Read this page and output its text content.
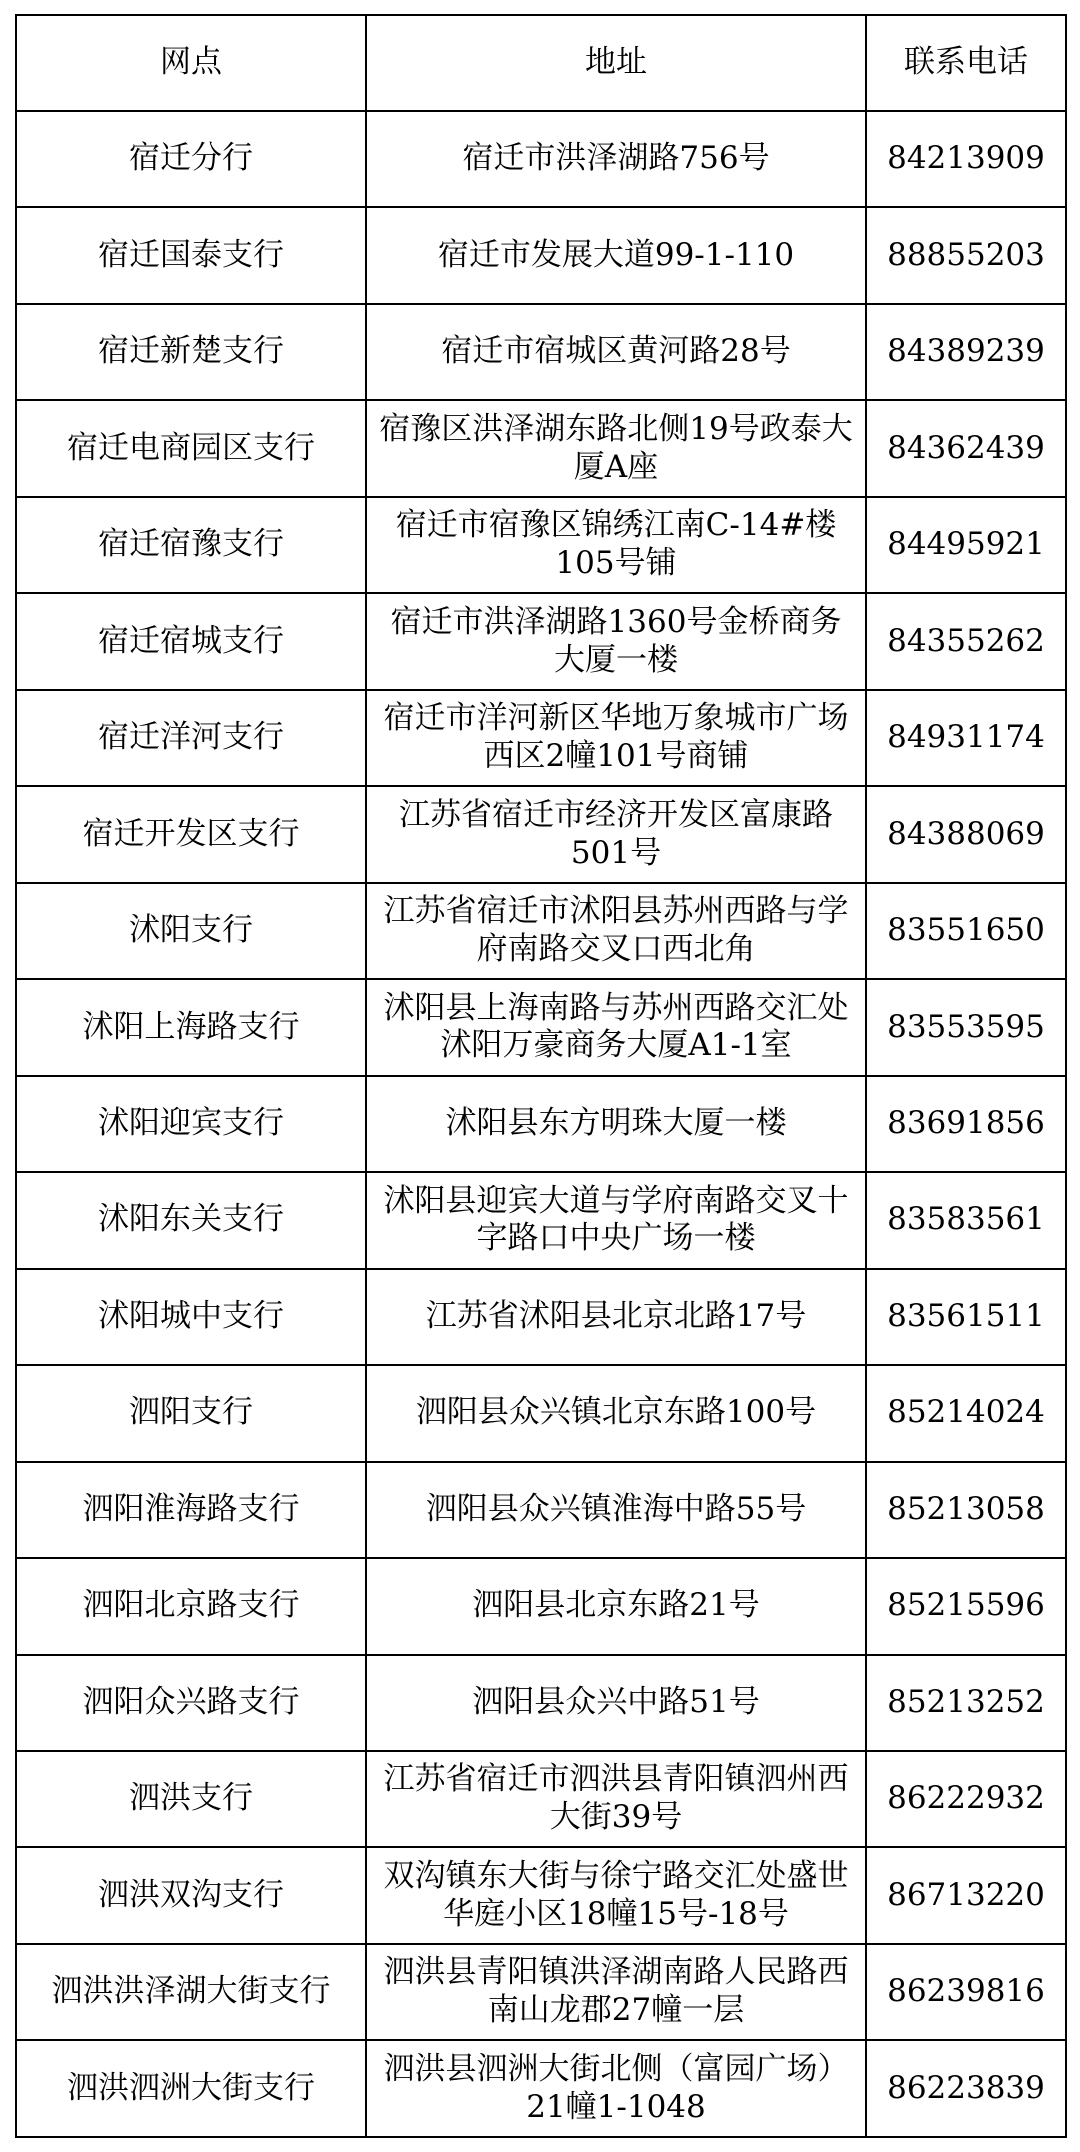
网点	地址	联系电话
宿迁分行	宿迁市洪泽湖路756号	84213909
宿迁国泰支行	宿迁市发展大道99-1-110	88855203
宿迁新楚支行	宿迁市宿城区黄河路28号	84389239
宿迁电商园区支行	宿豫区洪泽湖东路北侧19号政泰大厦A座	84362439
宿迁宿豫支行	宿迁市宿豫区锦绣江南C-14#楼105号铺	84495921
宿迁宿城支行	宿迁市洪泽湖路1360号金桥商务大厦一楼	84355262
宿迁洋河支行	宿迁市洋河新区华地万象城市广场西区2幢101号商铺	84931174
宿迁开发区支行	江苏省宿迁市经济开发区富康路501号	84388069
沭阳支行	江苏省宿迁市沭阳县苏州西路与学府南路交叉口西北角	83551650
沭阳上海路支行	沭阳县上海南路与苏州西路交汇处沭阳万豪商务大厦A1-1室	83553595
沭阳迎宾支行	沭阳县东方明珠大厦一楼	83691856
沭阳东关支行	沭阳县迎宾大道与学府南路交叉十字路口中央广场一楼	83583561
沭阳城中支行	江苏省沭阳县北京北路17号	83561511
泗阳支行	泗阳县众兴镇北京东路100号	85214024
泗阳淮海路支行	泗阳县众兴镇淮海中路55号	85213058
泗阳北京路支行	泗阳县北京东路21号	85215596
泗阳众兴路支行	泗阳县众兴中路51号	85213252
泗洪支行	江苏省宿迁市泗洪县青阳镇泗州西大街39号	86222932
泗洪双沟支行	双沟镇东大街与徐宁路交汇处盛世华庭小区18幢15号-18号	86713220
泗洪洪泽湖大街支行	泗洪县青阳镇洪泽湖南路人民路西南山龙郡27幢一层	86239816
泗洪泗洲大街支行	泗洪县泗洲大街北侧（富园广场）21幢1-1048	86223839
